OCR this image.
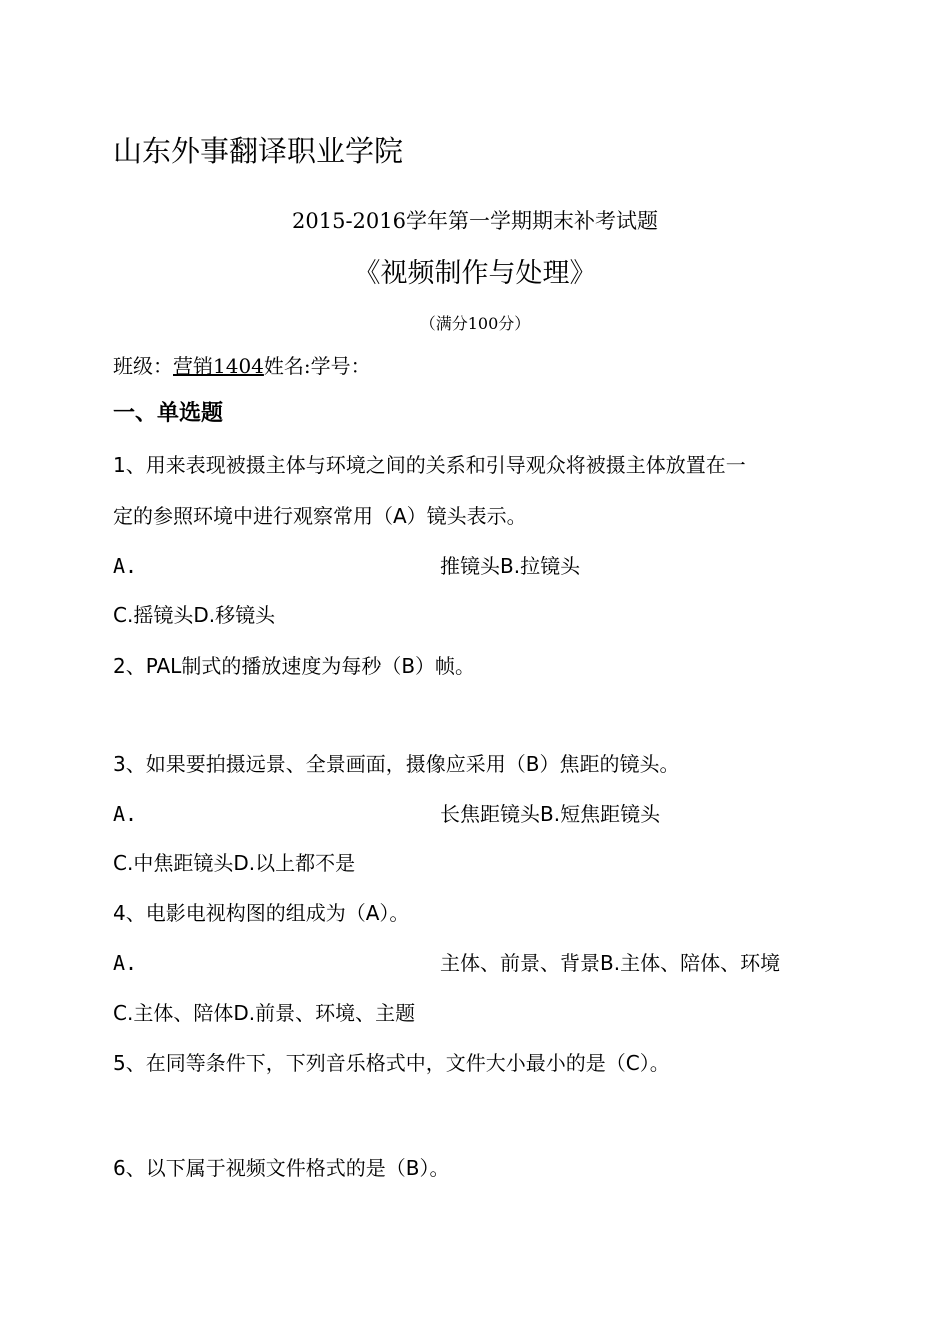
山东外事翻译职业学院
2015-2016学年第一学期期末补考试题
《视频制作与处理》
（满分100分）
班级：营销1404姓名:学号：
一、单选题
1、用来表现被摄主体与环境之间的关系和引导观众将被摄主体放置在一
定的参照环境中进行观察常用（A）镜头表示。
A.	推镜头B.拉镜头
C.摇镜头D.移镜头
2、PAL制式的播放速度为每秒（B）帧。
3、如果要拍摄远景、全景画面，摄像应采用（B）焦距的镜头。
A.	长焦距镜头B.短焦距镜头
C.中焦距镜头D.以上都不是
4、电影电视构图的组成为（A）。
A.	主体、前景、背景B.主体、陪体、环境
C.主体、陪体D.前景、环境、主题
5、在同等条件下，下列音乐格式中，文件大小最小的是（C）。
6、以下属于视频文件格式的是（B）。
